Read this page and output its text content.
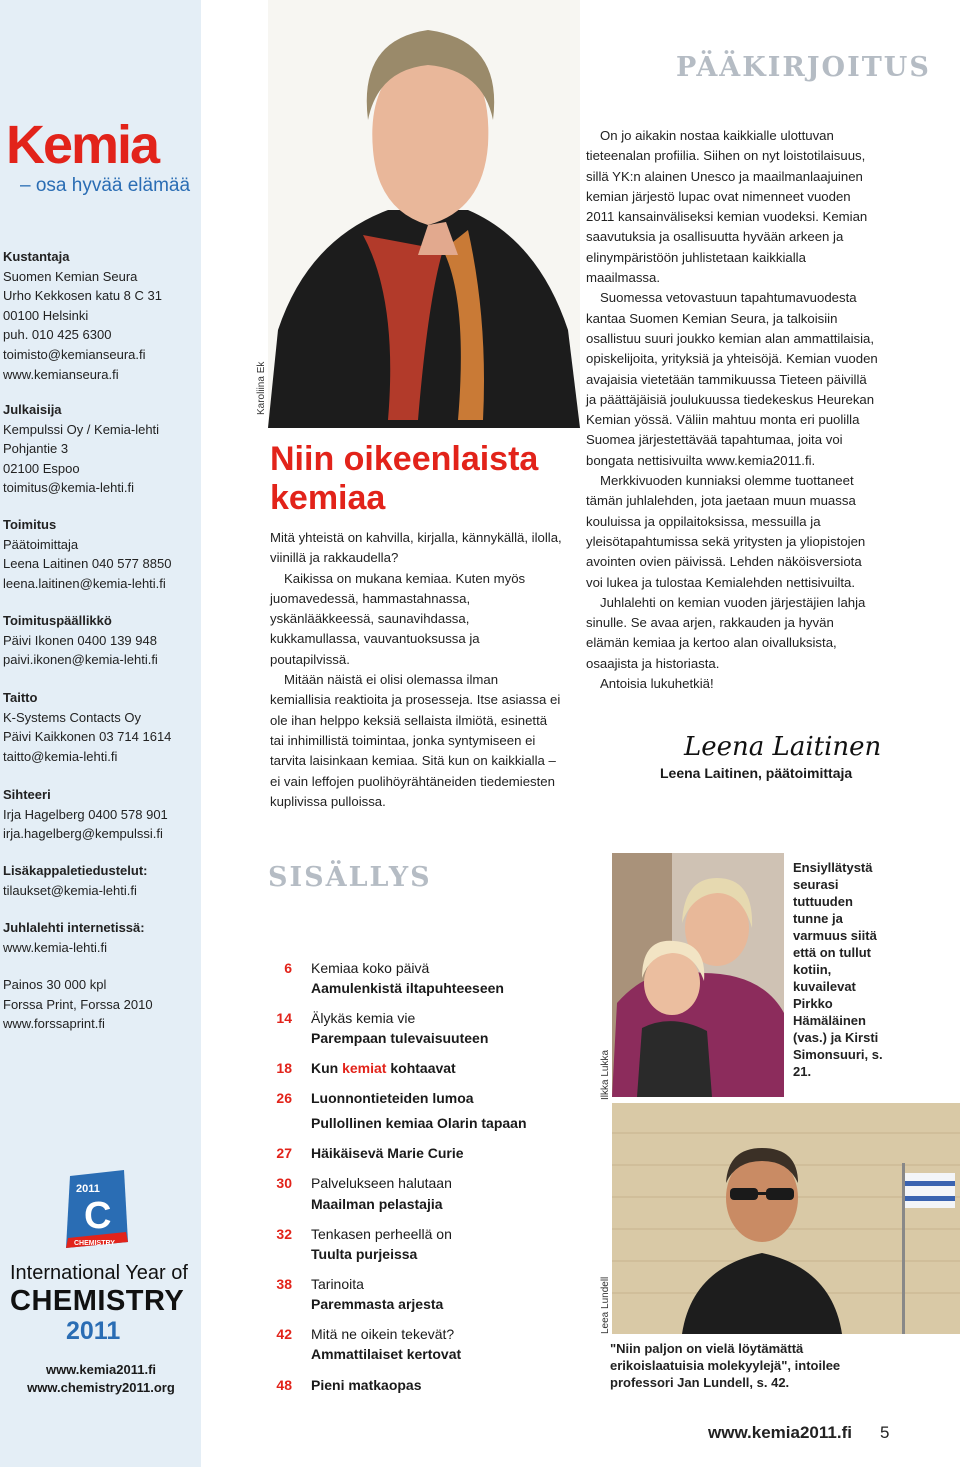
Kemia
– osa hyvää elämää
Kustantaja
Suomen Kemian Seura
Urho Kekkosen katu 8 C 31
00100 Helsinki
puh. 010 425 6300
toimisto@kemianseura.fi
www.kemianseura.fi
Julkaisija
Kempulssi Oy / Kemia-lehti
Pohjantie 3
02100 Espoo
toimitus@kemia-lehti.fi
Toimitus
Päätoimittaja
Leena Laitinen 040 577 8850
leena.laitinen@kemia-lehti.fi
Toimituspäällikkö
Päivi Ikonen 0400 139 948
paivi.ikonen@kemia-lehti.fi
Taitto
K-Systems Contacts Oy
Päivi Kaikkonen 03 714 1614
taitto@kemia-lehti.fi
Sihteeri
Irja Hagelberg 0400 578 901
irja.hagelberg@kempulssi.fi
Lisäkappaletiedustelut:
tilaukset@kemia-lehti.fi
Juhlalehti internetissä:
www.kemia-lehti.fi
Painos 30 000 kpl
Forssa Print, Forssa 2010
www.forssaprint.fi
2011
C
CHEMISTRY
International Year of
CHEMISTRY
2011
www.kemia2011.fi
www.chemistry2011.org
PÄÄKIRJOITUS
Karoliina Ek
Niin oikeenlaista kemiaa

Mitä yhteistä on kahvilla, kirjalla, kännykällä, ilolla, viinillä ja rakkaudella?

Kaikissa on mukana kemiaa. Kuten myös juomavedessä, hammastahnassa, yskänlääkkeessä, saunavihdassa, kukkamullassa, vauvantuoksussa ja poutapilvissä.

Mitään näistä ei olisi olemassa ilman kemiallisia reaktioita ja prosesseja. Itse asiassa ei ole ihan helppo keksiä sellaista ilmiötä, esinettä tai inhimillistä toimintaa, jonka syntymiseen ei tarvita laisinkaan kemiaa. Sitä kun on kaikkialla – ei vain leffojen puolihöyrähtäneiden tiedemiesten kuplivissa pulloissa.

On jo aikakin nostaa kaikkialle ulottuvan tieteenalan profiilia. Siihen on nyt loistotilaisuus, sillä YK:n alainen Unesco ja maailmanlaajuinen kemian järjestö lupac ovat nimenneet vuoden 2011 kansainväliseksi kemian vuodeksi. Kemian saavutuksia ja osallisuutta hyvään arkeen ja elinympäristöön juhlistetaan kaikkialla maailmassa.

Suomessa vetovastuun tapahtumavuodesta kantaa Suomen Kemian Seura, ja talkoisiin osallistuu suuri joukko kemian alan ammattilaisia, opiskelijoita, yrityksiä ja yhteisöjä. Kemian vuoden avajaisia vietetään tammikuussa Tieteen päivillä ja päättäjäisiä joulukuussa tiedekeskus Heurekan Kemian yössä. Väliin mahtuu monta eri puolilla Suomea järjestettävää tapahtumaa, joita voi bongata nettisivuilta www.kemia2011.fi.

Merkkivuoden kunniaksi olemme tuottaneet tämän juhlalehden, jota jaetaan muun muassa kouluissa ja oppilaitoksissa, messuilla ja yleisötapahtumissa sekä yritysten ja yliopistojen avointen ovien päivissä. Lehden näköisversiota voi lukea ja tulostaa Kemialehden nettisivuilta.

Juhlalehti on kemian vuoden järjestäjien lahja sinulle. Se avaa arjen, rakkauden ja hyvän elämän kemiaa ja kertoo alan oivalluksista, osaajista ja historiasta.

Antoisia lukuhetkiä!

Leena Laitinen
Leena Laitinen, päätoimittaja
SISÄLLYS
6 Kemiaa koko päivä
Aamulenkistä iltapuhteeseen
14 Älykäs kemia vie
Parempaan tulevaisuuteen
18 Kun kemiat kohtaavat
26 Luonnontieteiden lumoa
Pullollinen kemiaa Olarin tapaan
27 Häikäisevä Marie Curie
30 Palvelukseen halutaan
Maailman pelastajia
32 Tenkasen perheellä on
Tuulta purjeissa
38 Tarinoita
Paremmasta arjesta
42 Mitä ne oikein tekevät?
Ammattilaiset kertovat
48 Pieni matkaopas
Ilkka Lukka
Ensiyllätystä seurasi tuttuuden tunne ja varmuus siitä että on tullut kotiin, kuvailevat Pirkko Hämäläinen (vas.) ja Kirsti Simonsuuri, s. 21.
Leea Lundell
"Niin paljon on vielä löytämättä erikoislaatuisia molekyylejä", intoilee professori Jan Lundell, s. 42.
www.kemia2011.fi 5
